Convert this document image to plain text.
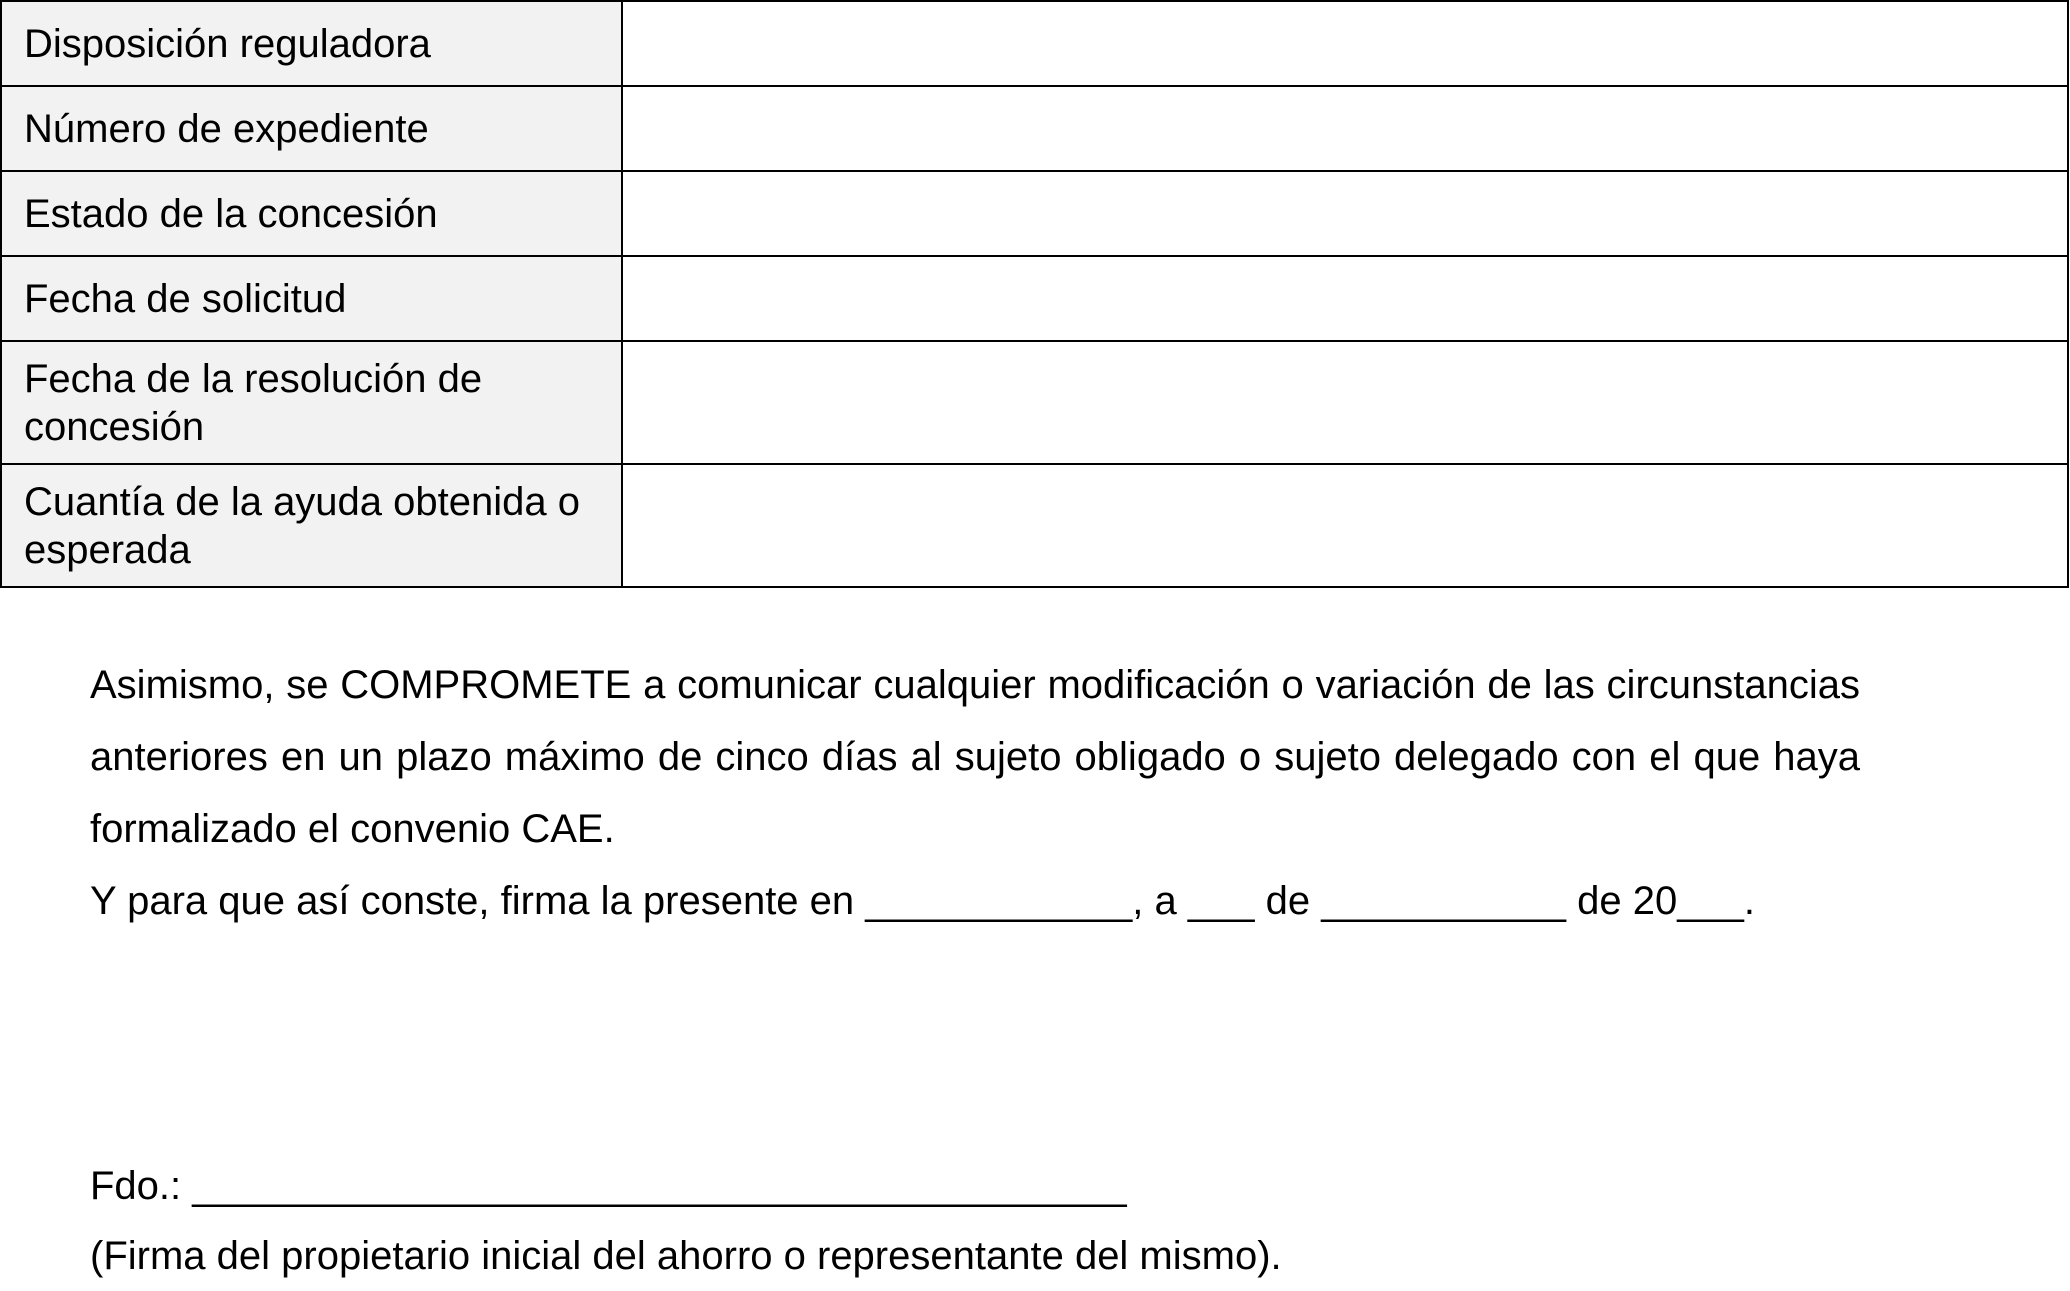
Disposición reguladora	
Número de expediente	
Estado de la concesión	
Fecha de solicitud	
Fecha de la resolución de concesión	
Cuantía de la ayuda obtenida o esperada	

Asimismo, se COMPROMETE a comunicar cualquier modificación o variación de las circunstancias anteriores en un plazo máximo de cinco días al sujeto obligado o sujeto delegado con el que haya formalizado el convenio CAE.

Y para que así conste, firma la presente en ____________, a ___ de ___________ de 20___.

Fdo.: __________________________________________

(Firma del propietario inicial del ahorro o representante del mismo).
